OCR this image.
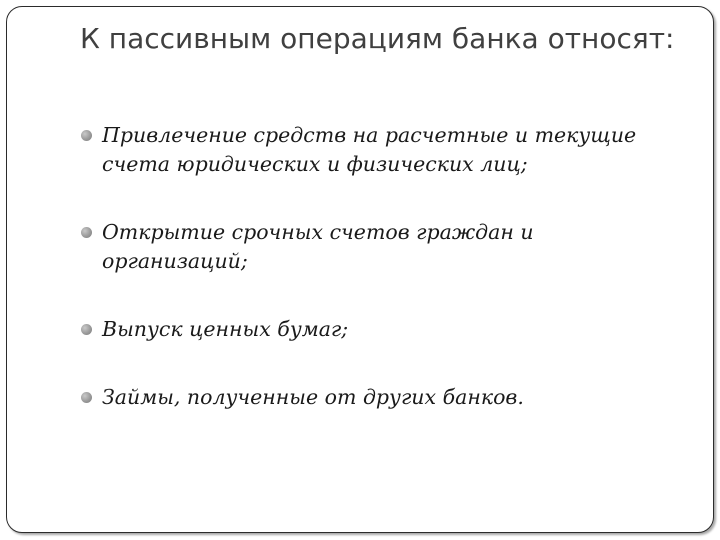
К пассивным операциям банка относят:
Привлечение средств на расчетные и текущие счета юридических и физических лиц;
Открытие срочных счетов граждан и организаций;
Выпуск ценных бумаг;
Займы, полученные от других банков.
